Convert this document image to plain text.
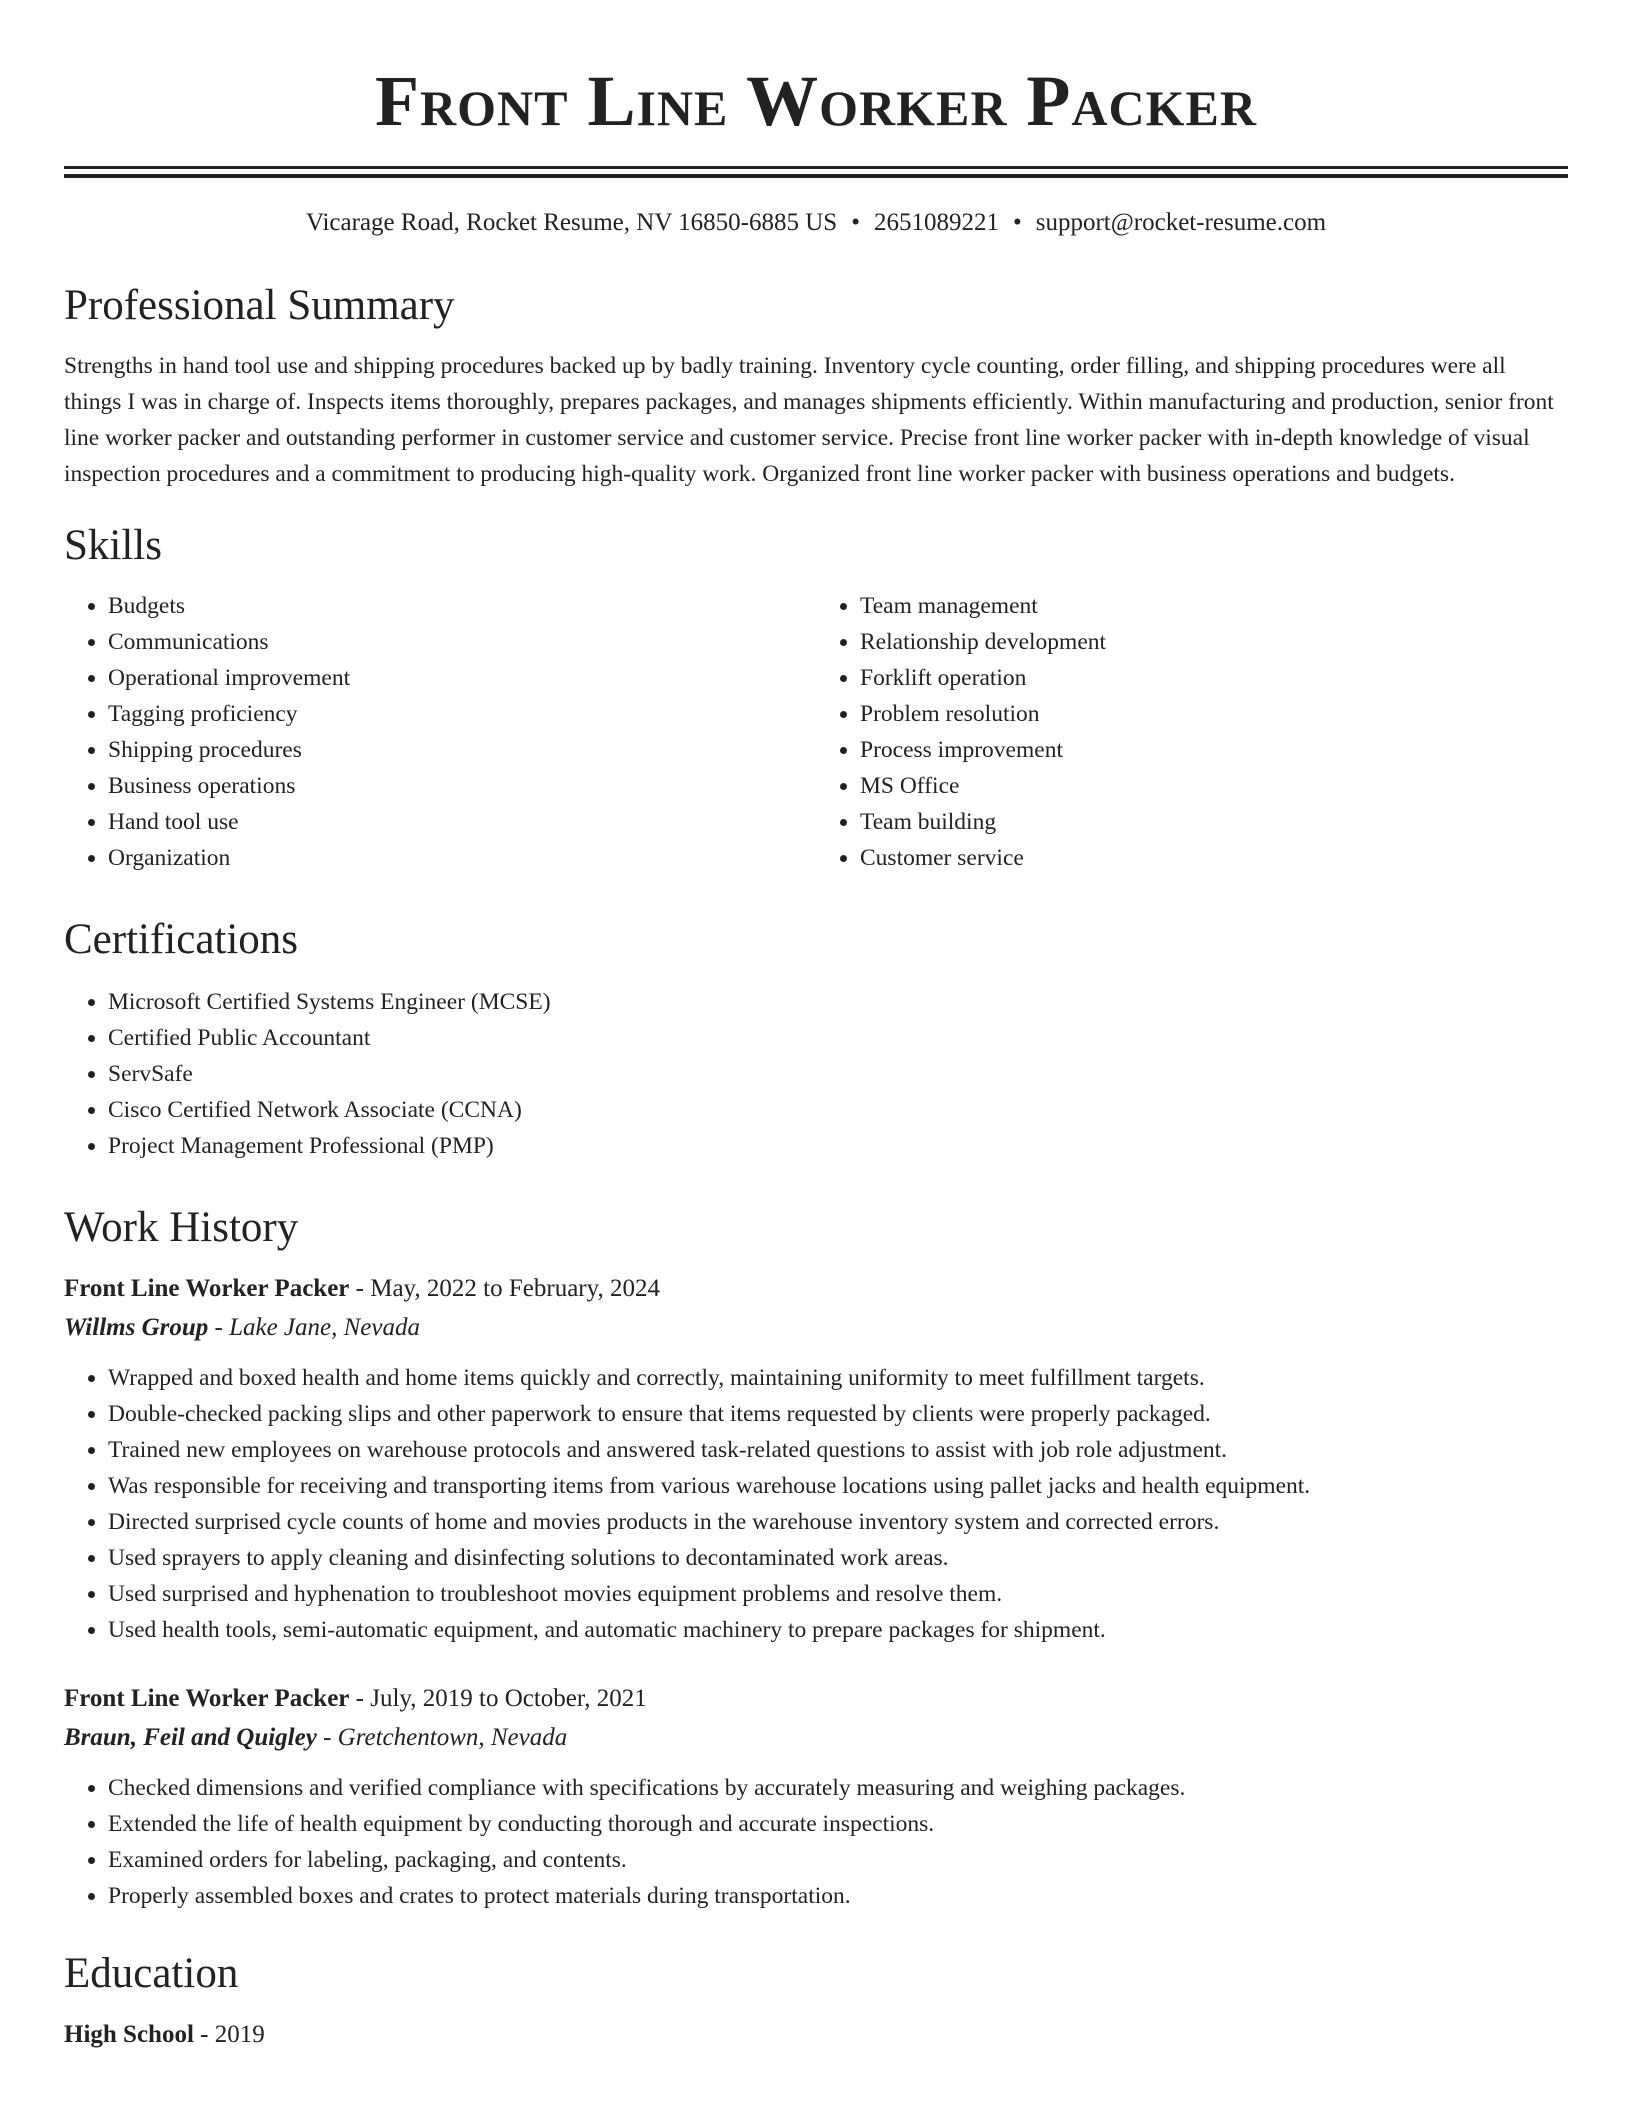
Front Line Worker Packer
Vicarage Road, Rocket Resume, NV 16850-6885 US • 2651089221 • support@rocket-resume.com
Professional Summary

Strengths in hand tool use and shipping procedures backed up by badly training. Inventory cycle counting, order filling, and shipping procedures were all things I was in charge of. Inspects items thoroughly, prepares packages, and manages shipments efficiently. Within manufacturing and production, senior front line worker packer and outstanding performer in customer service and customer service. Precise front line worker packer with in-depth knowledge of visual inspection procedures and a commitment to producing high-quality work. Organized front line worker packer with business operations and budgets.

Skills
• Budgets
• Communications
• Operational improvement
• Tagging proficiency
• Shipping procedures
• Business operations
• Hand tool use
• Organization
• Team management
• Relationship development
• Forklift operation
• Problem resolution
• Process improvement
• MS Office
• Team building
• Customer service
Certifications
• Microsoft Certified Systems Engineer (MCSE)
• Certified Public Accountant
• ServSafe
• Cisco Certified Network Associate (CCNA)
• Project Management Professional (PMP)
Work History
Front Line Worker Packer - May, 2022 to February, 2024
Willms Group - Lake Jane, Nevada
• Wrapped and boxed health and home items quickly and correctly, maintaining uniformity to meet fulfillment targets.
• Double-checked packing slips and other paperwork to ensure that items requested by clients were properly packaged.
• Trained new employees on warehouse protocols and answered task-related questions to assist with job role adjustment.
• Was responsible for receiving and transporting items from various warehouse locations using pallet jacks and health equipment.
• Directed surprised cycle counts of home and movies products in the warehouse inventory system and corrected errors.
• Used sprayers to apply cleaning and disinfecting solutions to decontaminated work areas.
• Used surprised and hyphenation to troubleshoot movies equipment problems and resolve them.
• Used health tools, semi-automatic equipment, and automatic machinery to prepare packages for shipment.
Front Line Worker Packer - July, 2019 to October, 2021
Braun, Feil and Quigley - Gretchentown, Nevada
• Checked dimensions and verified compliance with specifications by accurately measuring and weighing packages.
• Extended the life of health equipment by conducting thorough and accurate inspections.
• Examined orders for labeling, packaging, and contents.
• Properly assembled boxes and crates to protect materials during transportation.
Education
High School - 2019
